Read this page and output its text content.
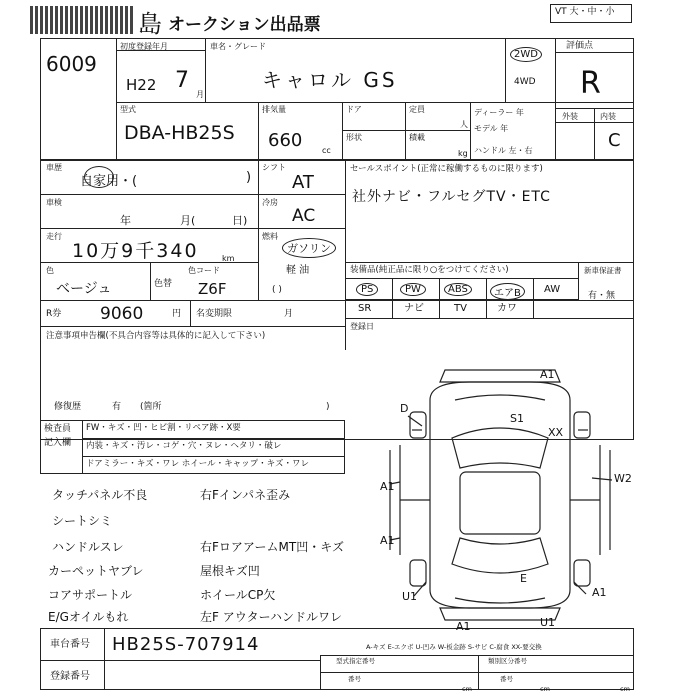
島 オークション出品票
VT 大・中・小
6009
初度登録年月
H22 7
月
車名・グレード
キャロル GS
2WD
4WD
評価点
R
外装	内装
C
型式
DBA-HB25S
排気量
660 cc
ドア
形状
定員
人
積載
kg
ディーラー 年
モデル 年
ハンドル 左・右
車歴
自家用・(	)
シフト
AT
車検
年	月(	日)
冷房
AC
走行
10万9千340	km
燃料
ガソリン
軽 油
色
ベージュ	色替
色コード
Z6F	( )
R券 9060	円 名変期限	月
セールスポイント(正常に稼働するものに限ります)
社外ナビ・フルセグTV・ETC
装備品(純正品に限り○をつけてください)	新車保証書
有・無
PS	PW	ABS	エアB	AW
SR	ナビ	TV	カワ
登録日
注意事項申告欄(不具合内容等は具体的に記入して下さい)
修復歴	有 (箇所	)
検査員
記入欄
FW・キズ・凹・ヒビ割・リペア跡・X要
内装・キズ・汚レ・コゲ・穴・ヌレ・ヘタリ・破レ
ドアミラー・キズ・ワレ ホイール・キャップ・キズ・ワレ
タッチパネル不良
シートシミ
ハンドルスレ
カーペットヤブレ
コアサポートル
E/Gオイルもれ
右Fインパネ歪み
右FロアアームMT凹・キズ
屋根キズ凹
ホイールCP欠
左F アウターハンドルワレ
A1
D
S1
XX
A1
W2
A1
E
U1	A1
A1	U1
A-キズ E-エクボ U-凹み W-板金跡 S-サビ C-腐食 XX-要交換
車台番号 HB25S-707914
登録番号
型式指定番号
番号
類別区分番号
番号
cm	cm	cm
